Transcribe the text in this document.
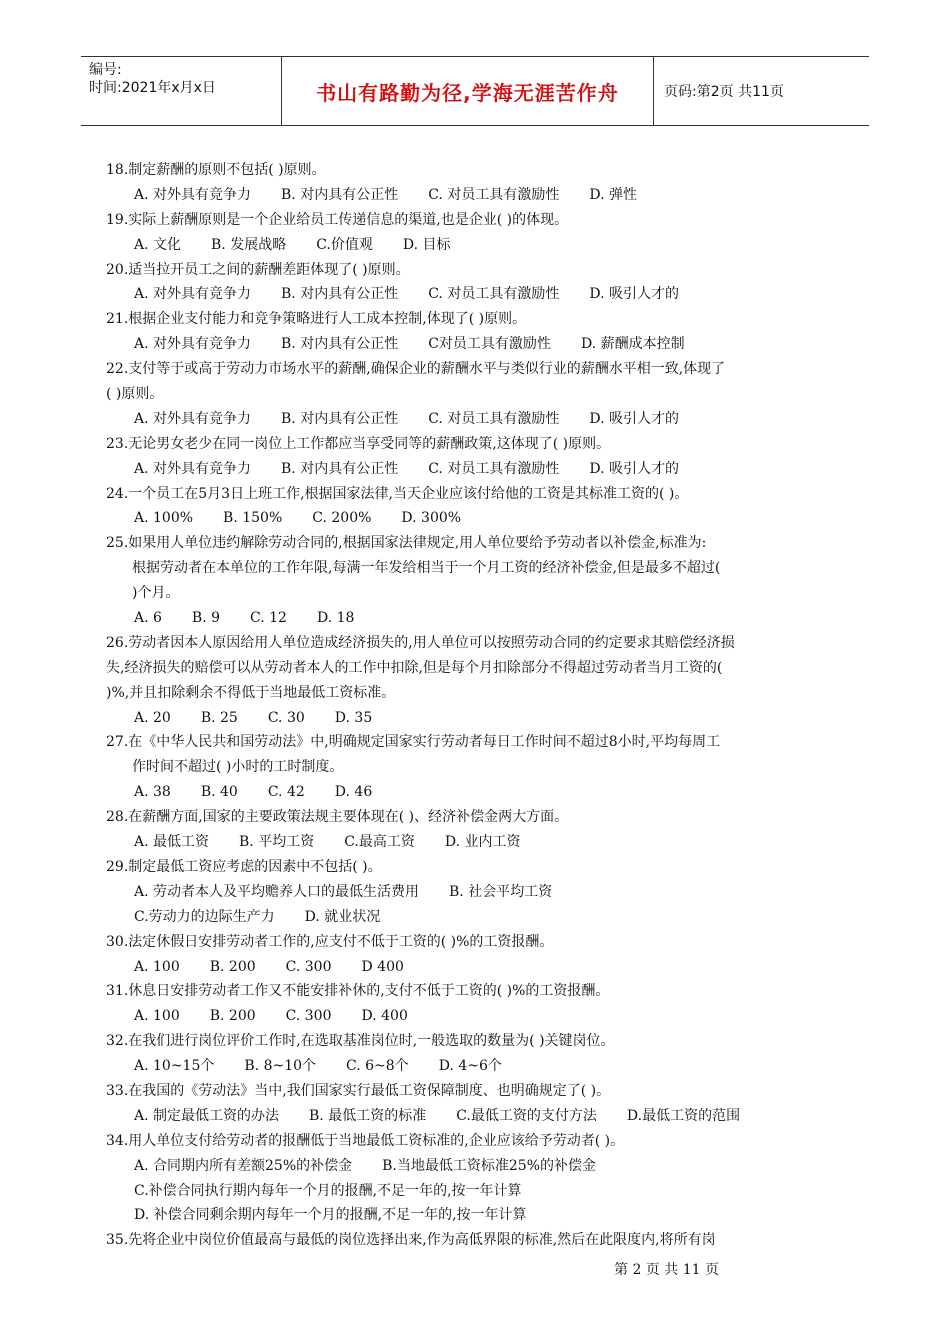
编号:
时间:2021年x月x日	书山有路勤为径,学海无涯苦作舟	页码:第2页 共11页
18.制定薪酬的原则不包括( )原则。
A. 对外具有竞争力 B. 对内具有公正性 C. 对员工具有激励性 D. 弹性
19.实际上薪酬原则是一个企业给员工传递信息的渠道,也是企业( )的体现。
A. 文化 B. 发展战略 C.价值观 D. 目标
20.适当拉开员工之间的薪酬差距体现了( )原则。
A. 对外具有竞争力 B. 对内具有公正性 C. 对员工具有激励性 D. 吸引人才的
21.根据企业支付能力和竞争策略进行人工成本控制,体现了( )原则。
A. 对外具有竞争力 B. 对内具有公正性 C对员工具有激励性 D. 薪酬成本控制
22.支付等于或高于劳动力市场水平的薪酬,确保企业的薪酬水平与类似行业的薪酬水平相一致,体现了
( )原则。
A. 对外具有竞争力 B. 对内具有公正性 C. 对员工具有激励性 D. 吸引人才的
23.无论男女老少在同一岗位上工作都应当享受同等的薪酬政策,这体现了( )原则。
A. 对外具有竞争力 B. 对内具有公正性 C. 对员工具有激励性 D. 吸引人才的
24.一个员工在5月3日上班工作,根据国家法律,当天企业应该付给他的工资是其标准工资的( )。
A. 100% B. 150% C. 200% D. 300%
25.如果用人单位违约解除劳动合同的,根据国家法律规定,用人单位要给予劳动者以补偿金,标准为:
根据劳动者在本单位的工作年限,每满一年发给相当于一个月工资的经济补偿金,但是最多不超过(
)个月。
A. 6 B. 9 C. 12 D. 18
26.劳动者因本人原因给用人单位造成经济损失的,用人单位可以按照劳动合同的约定要求其赔偿经济损
失,经济损失的赔偿可以从劳动者本人的工作中扣除,但是每个月扣除部分不得超过劳动者当月工资的(
)%,并且扣除剩余不得低于当地最低工资标准。
A. 20 B. 25 C. 30 D. 35
27.在《中华人民共和国劳动法》中,明确规定国家实行劳动者每日工作时间不超过8小时,平均每周工
作时间不超过( )小时的工时制度。
A. 38 B. 40 C. 42 D. 46
28.在薪酬方面,国家的主要政策法规主要体现在( )、经济补偿金两大方面。
A. 最低工资 B. 平均工资 C.最高工资 D. 业内工资
29.制定最低工资应考虑的因素中不包括( )。
A. 劳动者本人及平均赡养人口的最低生活费用 B. 社会平均工资
C.劳动力的边际生产力 D. 就业状况
30.法定休假日安排劳动者工作的,应支付不低于工资的( )%的工资报酬。
A. 100 B. 200 C. 300 D 400
31.休息日安排劳动者工作又不能安排补休的,支付不低于工资的( )%的工资报酬。
A. 100 B. 200 C. 300 D. 400
32.在我们进行岗位评价工作时,在选取基准岗位时,一般选取的数量为( )关键岗位。
A. 10~15个 B. 8~10个 C. 6~8个 D. 4~6个
33.在我国的《劳动法》当中,我们国家实行最低工资保障制度、也明确规定了( )。
A. 制定最低工资的办法 B. 最低工资的标准 C.最低工资的支付方法 D.最低工资的范围
34.用人单位支付给劳动者的报酬低于当地最低工资标准的,企业应该给予劳动者( )。
A. 合同期内所有差额25%的补偿金 B.当地最低工资标准25%的补偿金
C.补偿合同执行期内每年一个月的报酬,不足一年的,按一年计算
D. 补偿合同剩余期内每年一个月的报酬,不足一年的,按一年计算
35.先将企业中岗位价值最高与最低的岗位选择出来,作为高低界限的标准,然后在此限度内,将所有岗
第 2 页 共 11 页
